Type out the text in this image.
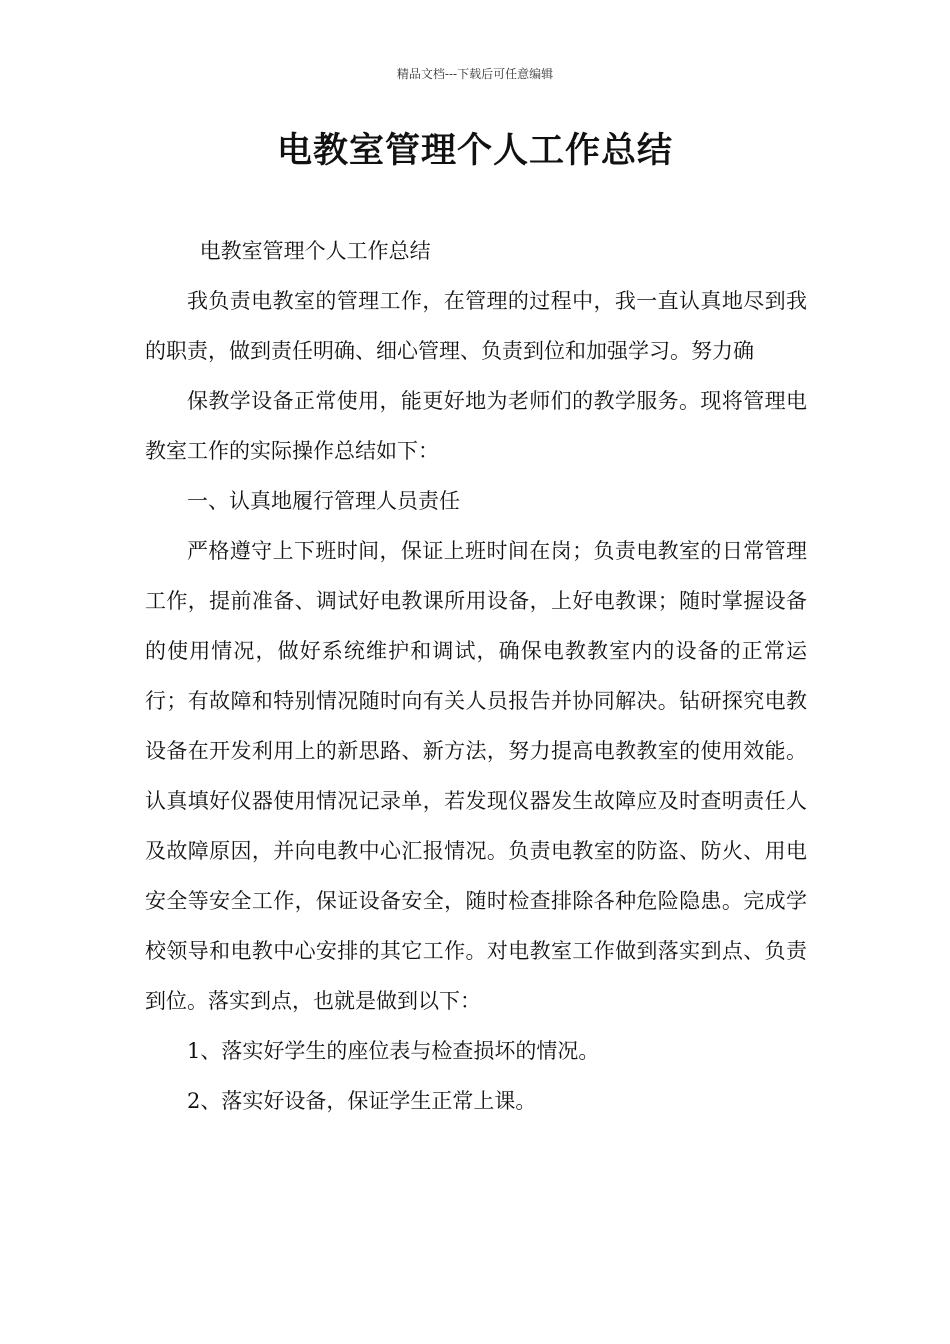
精品文档---下载后可任意编辑
电教室管理个人工作总结

电教室管理个人工作总结

我负责电教室的管理工作，在管理的过程中，我一直认真地尽到我的职责，做到责任明确、细心管理、负责到位和加强学习。努力确

保教学设备正常使用，能更好地为老师们的教学服务。现将管理电教室工作的实际操作总结如下：

一、认真地履行管理人员责任

严格遵守上下班时间，保证上班时间在岗；负责电教室的日常管理工作，提前准备、调试好电教课所用设备，上好电教课；随时掌握设备的使用情况，做好系统维护和调试，确保电教教室内的设备的正常运行；有故障和特别情况随时向有关人员报告并协同解决。钻研探究电教设备在开发利用上的新思路、新方法，努力提高电教教室的使用效能。认真填好仪器使用情况记录单，若发现仪器发生故障应及时查明责任人及故障原因，并向电教中心汇报情况。负责电教室的防盗、防火、用电安全等安全工作，保证设备安全，随时检查排除各种危险隐患。完成学校领导和电教中心安排的其它工作。对电教室工作做到落实到点、负责到位。落实到点，也就是做到以下：

1、落实好学生的座位表与检查损坏的情况。

2、落实好设备，保证学生正常上课。
